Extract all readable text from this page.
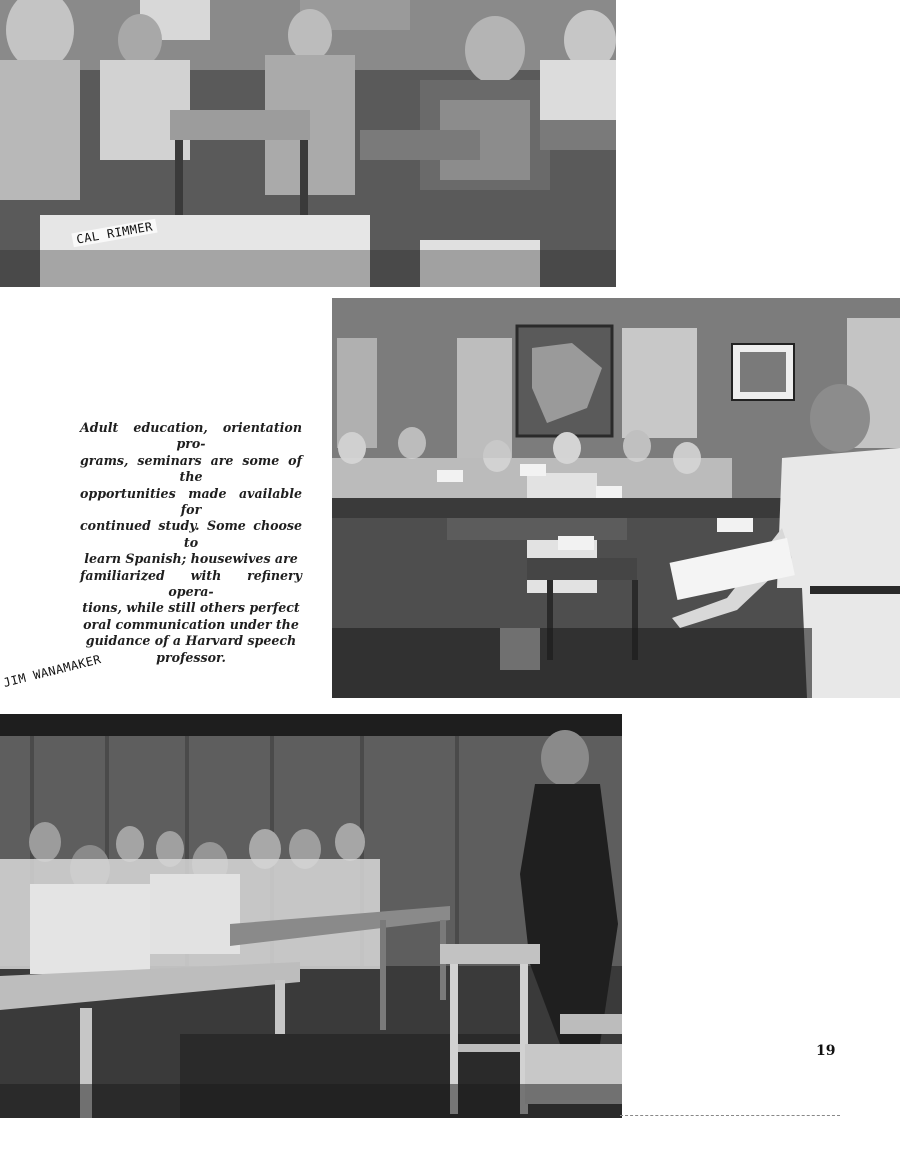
CAL RIMMER
Adult education, orientation pro-
grams, seminars are some of the
opportunities made available for
continued study. Some choose to
learn Spanish; housewives are
familiarized with refinery opera-
tions, while still others perfect
oral communication under the
guidance of a Harvard speech
professor.
JIM WANAMAKER
19
